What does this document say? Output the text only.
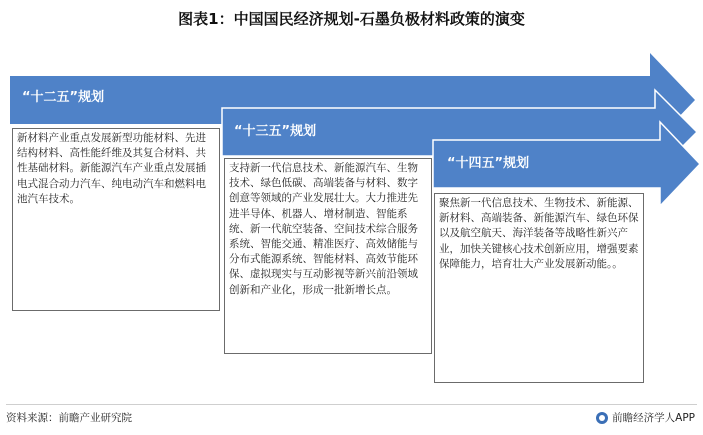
图表1：中国国民经济规划-石墨负极材料政策的演变
“十二五”规划
“十三五”规划
“十四五”规划
新材料产业重点发展新型功能材料、先进结构材料、高性能纤维及其复合材料、共性基础材料。新能源汽车产业重点发展插电式混合动力汽车、纯电动汽车和燃料电池汽车技术。
支持新一代信息技术、新能源汽车、生物技术、绿色低碳、高端装备与材料、数字创意等领域的产业发展壮大。大力推进先进半导体、机器人、增材制造、智能系统、新一代航空装备、空间技术综合服务系统、智能交通、精准医疗、高效储能与分布式能源系统、智能材料、高效节能环保、虚拟现实与互动影视等新兴前沿领域创新和产业化，形成一批新增长点。
聚焦新一代信息技术、生物技术、新能源、新材料、高端装备、新能源汽车、绿色环保以及航空航天、海洋装备等战略性新兴产业，加快关键核心技术创新应用，增强要素保障能力，培育壮大产业发展新动能。。
资料来源：前瞻产业研究院	前瞻经济学人APP
